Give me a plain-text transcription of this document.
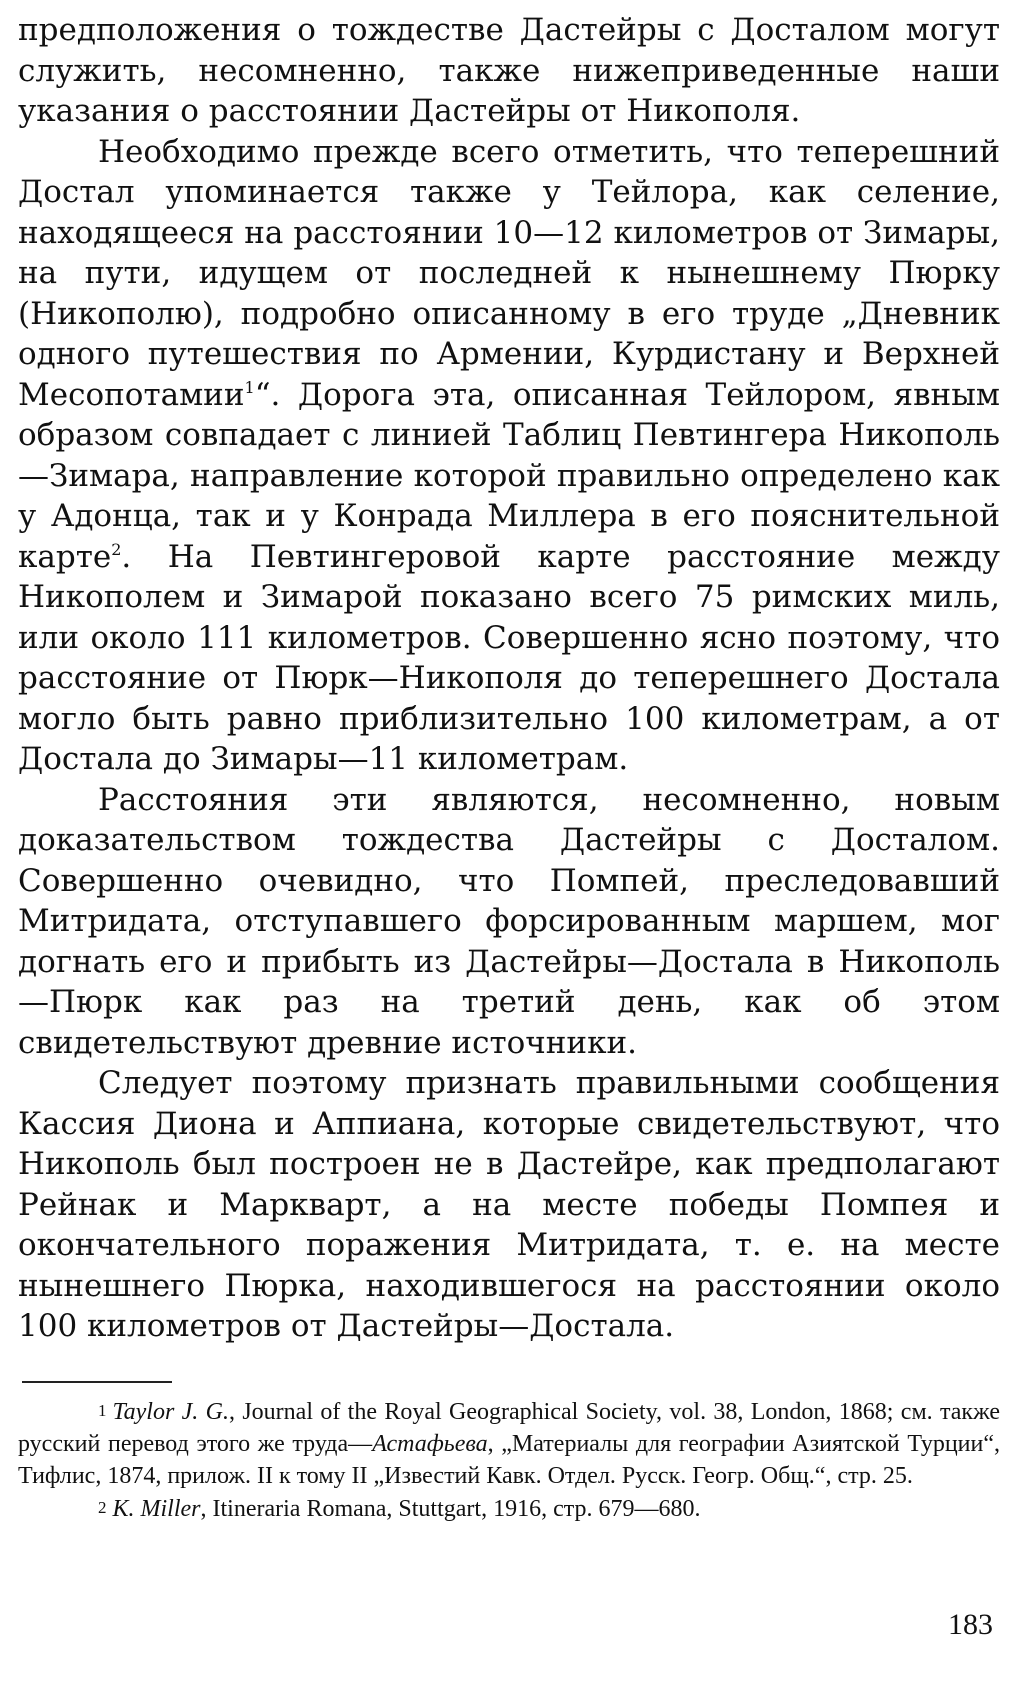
предположения о тождестве Дастейры с Досталом могут служить, несомненно, также нижеприведенные наши указания о расстоянии Дастейры от Никополя.

Необходимо прежде всего отметить, что теперешний Достал упоминается также у Тейлора, как селение, находящееся на расстоянии 10—12 километров от Зимары, на пути, идущем от последней к нынешнему Пюрку (Никополю), подробно описанному в его труде „Дневник одного путешествия по Армении, Курдистану и Верхней Месопотамии$^1$“. Дорога эта, описанная Тейлором, явным образом совпадает с линией Таблиц Певтингера Никополь—Зимара, направление которой правильно определено как у Адонца, так и у Конрада Миллера в его пояснительной карте$^2$. На Певтингеровой карте расстояние между Никополем и Зимарой показано всего 75 римских миль, или около 111 километров. Совершенно ясно поэтому, что расстояние от Пюрк—Никополя до теперешнего Достала могло быть равно приблизительно 100 километрам, а от Достала до Зимары—11 километрам.

Расстояния эти являются, несомненно, новым доказательством тождества Дастейры с Досталом. Совершенно очевидно, что Помпей, преследовавший Митридата, отступавшего форсированным маршем, мог догнать его и прибыть из Дастейры—Достала в Никополь—Пюрк как раз на третий день, как об этом свидетельствуют древние источники.

Следует поэтому признать правильными сообщения Кассия Диона и Аппиана, которые свидетельствуют, что Никополь был построен не в Дастейре, как предполагают Рейнак и Маркварт, а на месте победы Помпея и окончательного поражения Митридата, т. е. на месте нынешнего Пюрка, находившегося на расстоянии около 100 километров от Дастейры—Достала.

1 Taylor J. G., Journal of the Royal Geographical Society, vol. 38, London, 1868; см. также русский перевод этого же труда—Астафьева, „Материалы для географии Азиятской Турции“, Тифлис, 1874, прилож. II к тому II „Известий Кавк. Отдел. Русск. Геогр. Общ.“, стр. 25.

2 K. Miller, Itineraria Romana, Stuttgart, 1916, стр. 679—680.

183
